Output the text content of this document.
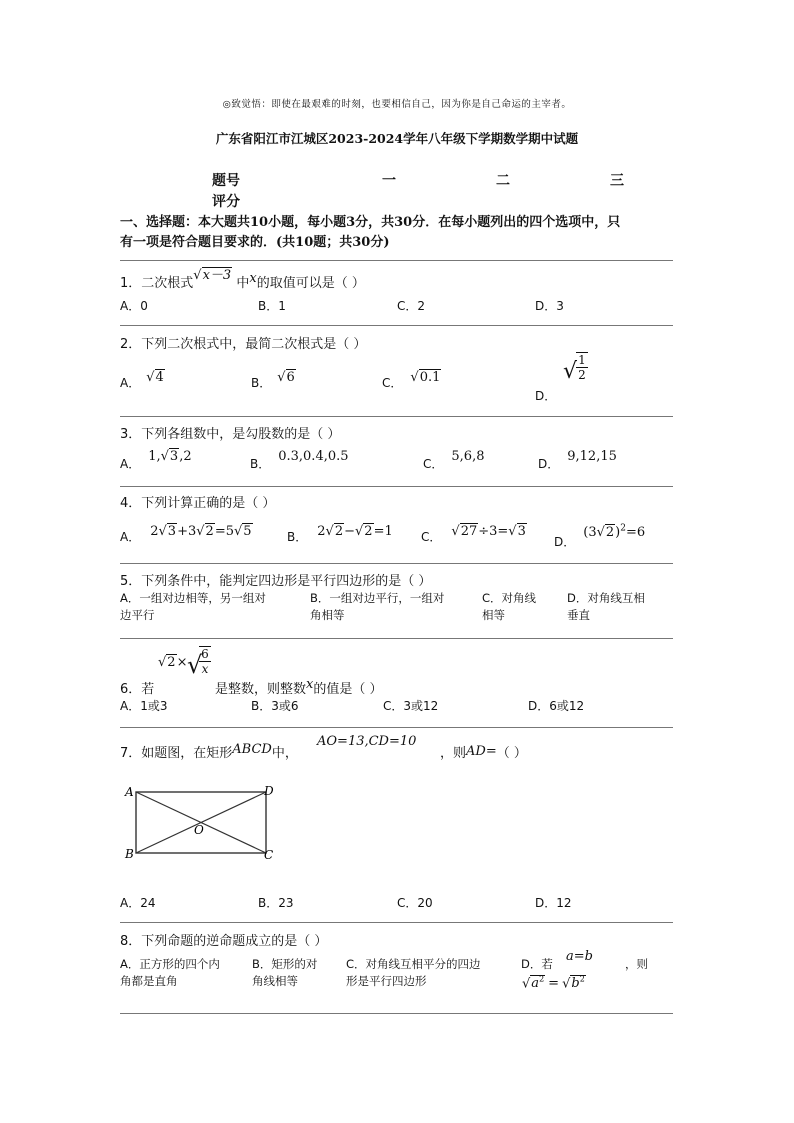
◎致觉悟：即使在最艰难的时刻，也要相信自己，因为你是自己命运的主宰者。
广东省阳江市江城区2023-2024学年八年级下学期数学期中试题
题号	一	二	三
评分
一、选择题：本大题共10小题，每小题3分，共30分．在每小题列出的四个选项中，只
有一项是符合题目要求的．(共10题；共30分)
1．二次根式√x－3 中x的取值可以是（ ）
A．0	B．1	C．2	D．3
2．下列二次根式中，最简二次根式是（ ）
A． √4	B． √6	C． √0.1
D．
√ 1
2
3．下列各组数中，是勾股数的是（ ）
A． 1,√3,2	B． 0.3,0.4,0.5	C． 5,6,8	D． 9,12,15
4．下列计算正确的是（ ）
A． 2√3+3√2=5√5	B． 2√2−√2=1 C． √27÷3=√3
D．$(3√2)^2=6$
5．下列条件中，能判定四边形是平行四边形的是（ ）
A．一组对边相等，另一组对
边平行
B．一组对边平行，一组对
角相等
C．对角线
相等
D．对角线互相
垂直
6．若
√2× √
6
x
是整数，则整数x的值是（ ）
A．1或3	B．3或6	C．3或12	D．6或12
7．如题图，在矩形ABCD中，
AO=13,CD=10
，则AD=（ ）
A	D
O
B	C
A．24	B．23	C．20	D．12
8．下列命题的逆命题成立的是（ ）
A．正方形的四个内
角都是直角
B．矩形的对
角线相等
C．对角线互相平分的四边
形是平行四边形
D．若 a=b	，则
$√a^2 = √b^2$
